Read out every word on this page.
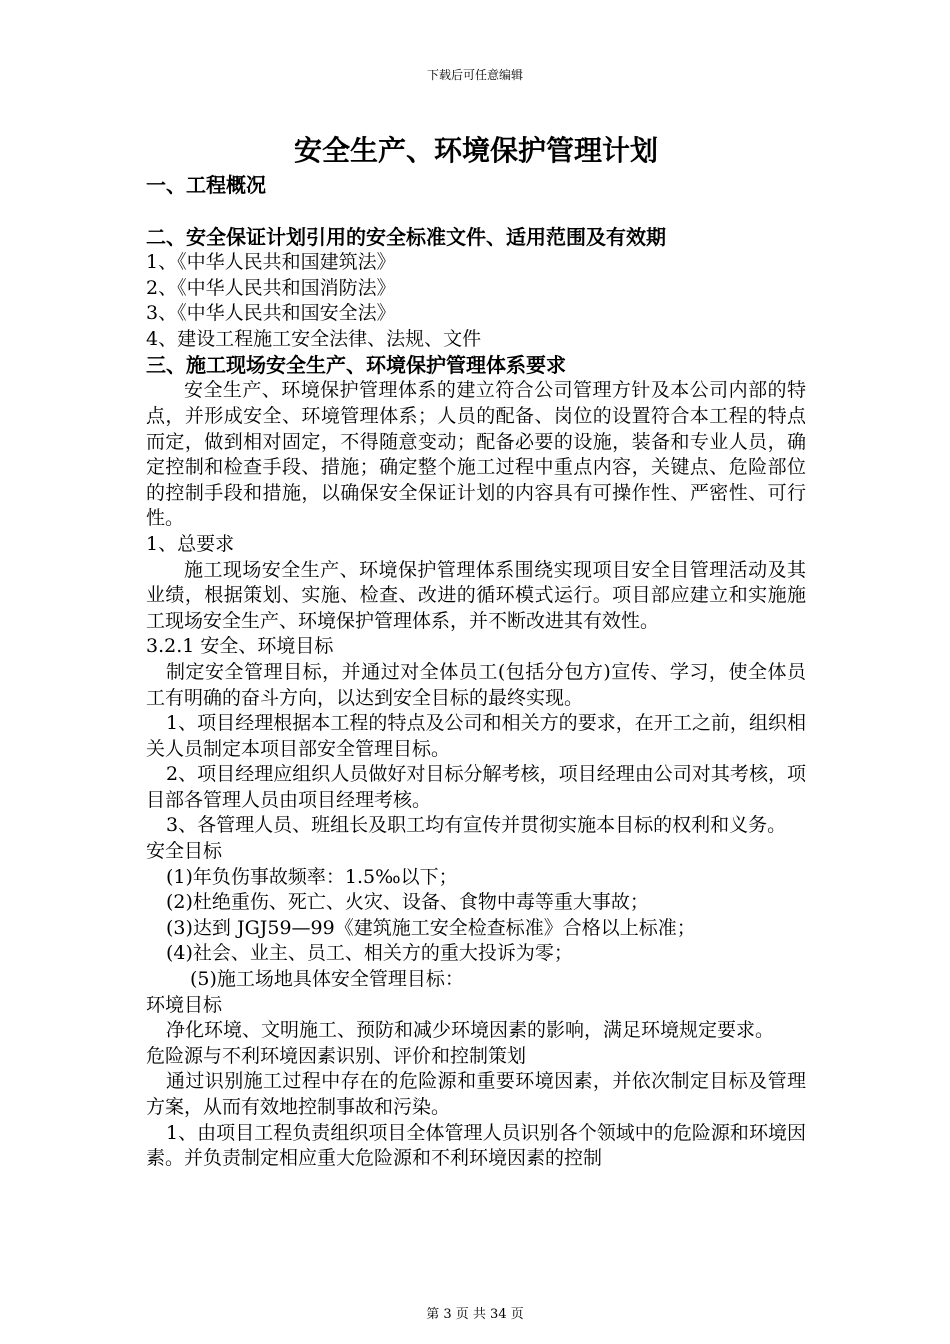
下载后可任意编辑
安全生产、环境保护管理计划
一、工程概况
二、安全保证计划引用的安全标准文件、适用范围及有效期
1、《中华人民共和国建筑法》
2、《中华人民共和国消防法》
3、《中华人民共和国安全法》
4、建设工程施工安全法律、法规、文件
三、施工现场安全生产、环境保护管理体系要求
安全生产、环境保护管理体系的建立符合公司管理方针及本公司内部的特点，并形成安全、环境管理体系；人员的配备、岗位的设置符合本工程的特点而定，做到相对固定，不得随意变动；配备必要的设施，装备和专业人员，确定控制和检查手段、措施；确定整个施工过程中重点内容，关键点、危险部位的控制手段和措施，以确保安全保证计划的内容具有可操作性、严密性、可行性。
1、总要求
施工现场安全生产、环境保护管理体系围绕实现项目安全目管理活动及其业绩，根据策划、实施、检查、改进的循环模式运行。项目部应建立和实施施工现场安全生产、环境保护管理体系，并不断改进其有效性。
3.2.1 安全、环境目标
制定安全管理目标，并通过对全体员工(包括分包方)宣传、学习，使全体员工有明确的奋斗方向，以达到安全目标的最终实现。
1、项目经理根据本工程的特点及公司和相关方的要求，在开工之前，组织相关人员制定本项目部安全管理目标。
2、项目经理应组织人员做好对目标分解考核，项目经理由公司对其考核，项目部各管理人员由项目经理考核。
3、各管理人员、班组长及职工均有宣传并贯彻实施本目标的权利和义务。
安全目标
(1)年负伤事故频率：1.5‰以下；
(2)杜绝重伤、死亡、火灾、设备、食物中毒等重大事故；
(3)达到 JGJ59—99《建筑施工安全检查标准》合格以上标准；
(4)社会、业主、员工、相关方的重大投诉为零；
(5)施工场地具体安全管理目标：
环境目标
净化环境、文明施工、预防和减少环境因素的影响，满足环境规定要求。
危险源与不利环境因素识别、评价和控制策划
通过识别施工过程中存在的危险源和重要环境因素，并依次制定目标及管理方案，从而有效地控制事故和污染。
1、由项目工程负责组织项目全体管理人员识别各个领域中的危险源和环境因素。并负责制定相应重大危险源和不利环境因素的控制
第 3 页 共 34 页
